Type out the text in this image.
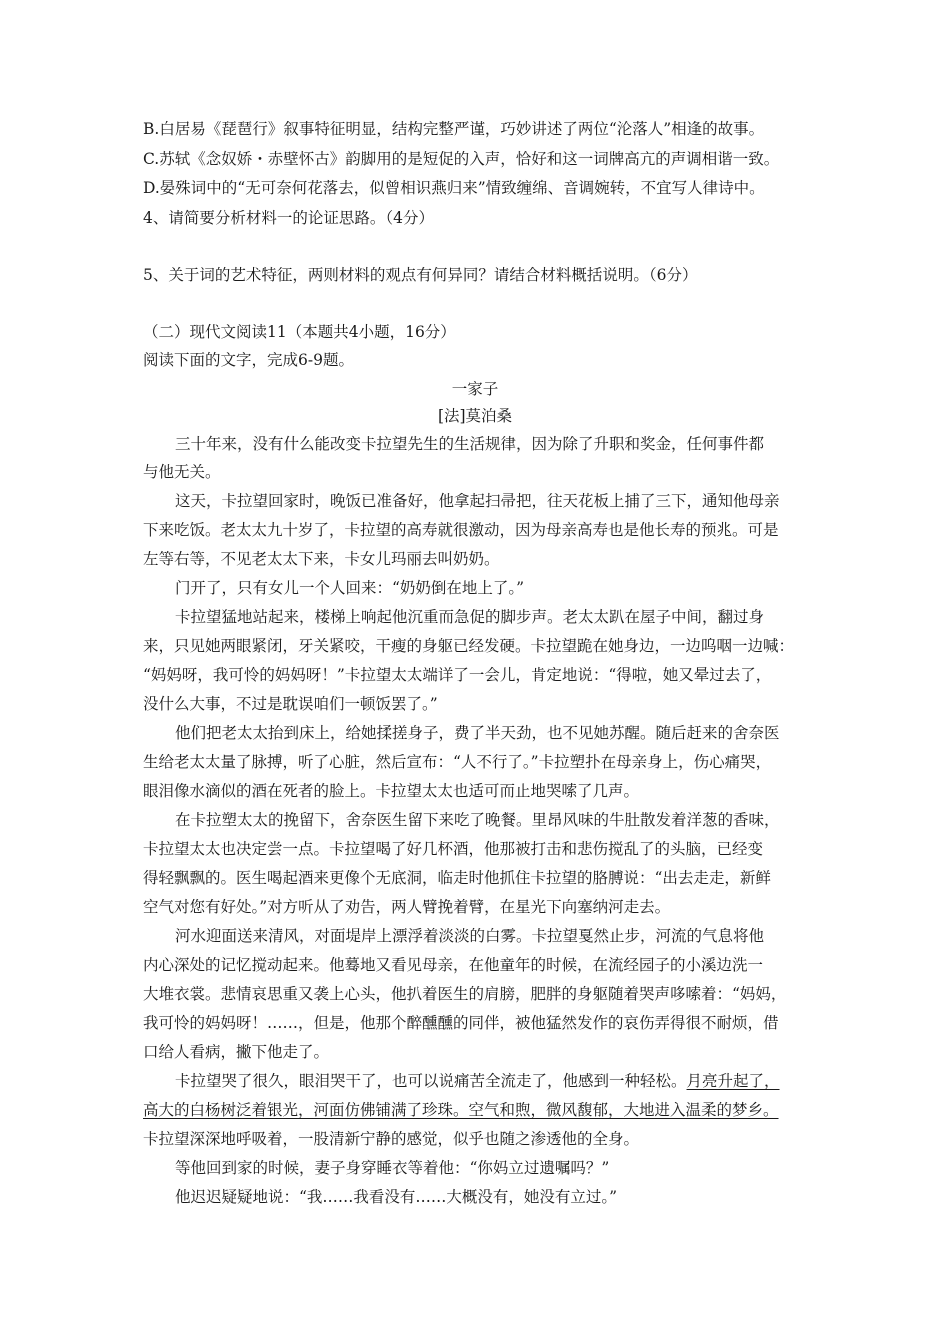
B.白居易《琵琶行》叙事特征明显，结构完整严谨，巧妙讲述了两位“沦落人”相逢的故事。
C.苏轼《念奴娇・赤壁怀古》韵脚用的是短促的入声，恰好和这一词牌高亢的声调相谐一致。
D.晏殊词中的“无可奈何花落去，似曾相识燕归来”情致缠绵、音调婉转，不宜写人律诗中。
4、请简要分析材料一的论证思路。（4分）
5、关于词的艺术特征，两则材料的观点有何异同？请结合材料概括说明。（6分）
（二）现代文阅读11（本题共4小题，16分）
阅读下面的文字，完成6-9题。
一家子
[法]莫泊桑
三十年来，没有什么能改变卡拉望先生的生活规律，因为除了升职和奖金，任何事件都
与他无关。
这天，卡拉望回家时，晚饭已准备好，他拿起扫帚把，往天花板上捕了三下，通知他母亲
下来吃饭。老太太九十岁了，卡拉望的高寿就很激动，因为母亲高寿也是他长寿的预兆。可是
左等右等，不见老太太下来，卡女儿玛丽去叫奶奶。
门开了，只有女儿一个人回来：“奶奶倒在地上了。”
卡拉望猛地站起来，楼梯上响起他沉重而急促的脚步声。老太太趴在屋子中间，翻过身
来，只见她两眼紧闭，牙关紧咬，干瘦的身躯已经发硬。卡拉望跪在她身边，一边呜咽一边喊：
“妈妈呀，我可怜的妈妈呀！”卡拉望太太端详了一会儿，肯定地说：“得啦，她又晕过去了，
没什么大事，不过是耽误咱们一顿饭罢了。”
他们把老太太抬到床上，给她揉搓身子，费了半天劲，也不见她苏醒。随后赶来的舍奈医
生给老太太量了脉搏，听了心脏，然后宣布：“人不行了。”卡拉塑扑在母亲身上，伤心痛哭，
眼泪像水滴似的酒在死者的脸上。卡拉望太太也适可而止地哭嗦了几声。
在卡拉塑太太的挽留下，舍奈医生留下来吃了晚餐。里昂风味的牛肚散发着洋葱的香味，
卡拉望太太也决定尝一点。卡拉望喝了好几杯酒，他那被打击和悲伤搅乱了的头脑，已经变
得轻飘飘的。医生喝起酒来更像个无底洞，临走时他抓住卡拉望的胳膊说：“出去走走，新鲜
空气对您有好处。”对方听从了劝告，两人臂挽着臂，在星光下向塞纳河走去。
河水迎面送来清风，对面堤岸上漂浮着淡淡的白雾。卡拉望戛然止步，河流的气息将他
内心深处的记忆搅动起来。他蓦地又看见母亲，在他童年的时候，在流经园子的小溪边洗一
大堆衣裳。悲情哀思重又袭上心头，他扒着医生的肩膀，肥胖的身躯随着哭声哆嗦着：“妈妈，
我可怜的妈妈呀！……，但是，他那个醉醺醺的同伴，被他猛然发作的哀伤弄得很不耐烦，借
口给人看病，撇下他走了。
卡拉望哭了很久，眼泪哭干了，也可以说痛苦全流走了，他感到一种轻松。月亮升起了，
高大的白杨树泛着银光，河面仿佛铺满了珍珠。空气和煦，微风馥郁，大地进入温柔的梦乡。
卡拉望深深地呼吸着，一股清新宁静的感觉，似乎也随之渗透他的全身。
等他回到家的时候，妻子身穿睡衣等着他：“你妈立过遗嘱吗？”
他迟迟疑疑地说：“我……我看没有……大概没有，她没有立过。”
